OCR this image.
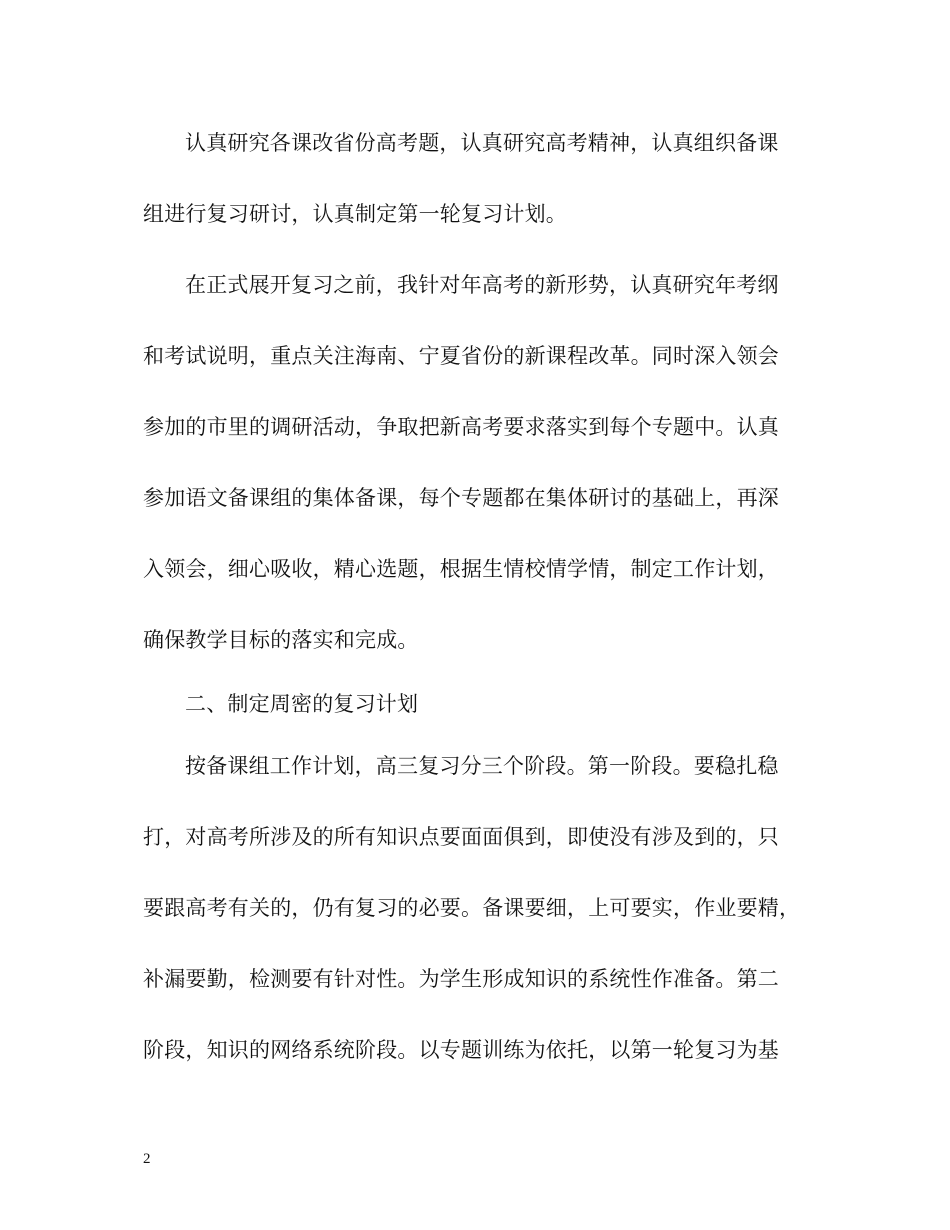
认真研究各课改省份高考题，认真研究高考精神，认真组织备课
组进行复习研讨，认真制定第一轮复习计划。
在正式展开复习之前，我针对年高考的新形势，认真研究年考纲
和考试说明，重点关注海南、宁夏省份的新课程改革。同时深入领会
参加的市里的调研活动，争取把新高考要求落实到每个专题中。认真
参加语文备课组的集体备课，每个专题都在集体研讨的基础上，再深
入领会，细心吸收，精心选题，根据生情校情学情，制定工作计划，
确保教学目标的落实和完成。
二、制定周密的复习计划
按备课组工作计划，高三复习分三个阶段。第一阶段。要稳扎稳
打，对高考所涉及的所有知识点要面面俱到，即使没有涉及到的，只
要跟高考有关的，仍有复习的必要。备课要细，上可要实，作业要精，
补漏要勤，检测要有针对性。为学生形成知识的系统性作准备。第二
阶段，知识的网络系统阶段。以专题训练为依托，以第一轮复习为基
2
